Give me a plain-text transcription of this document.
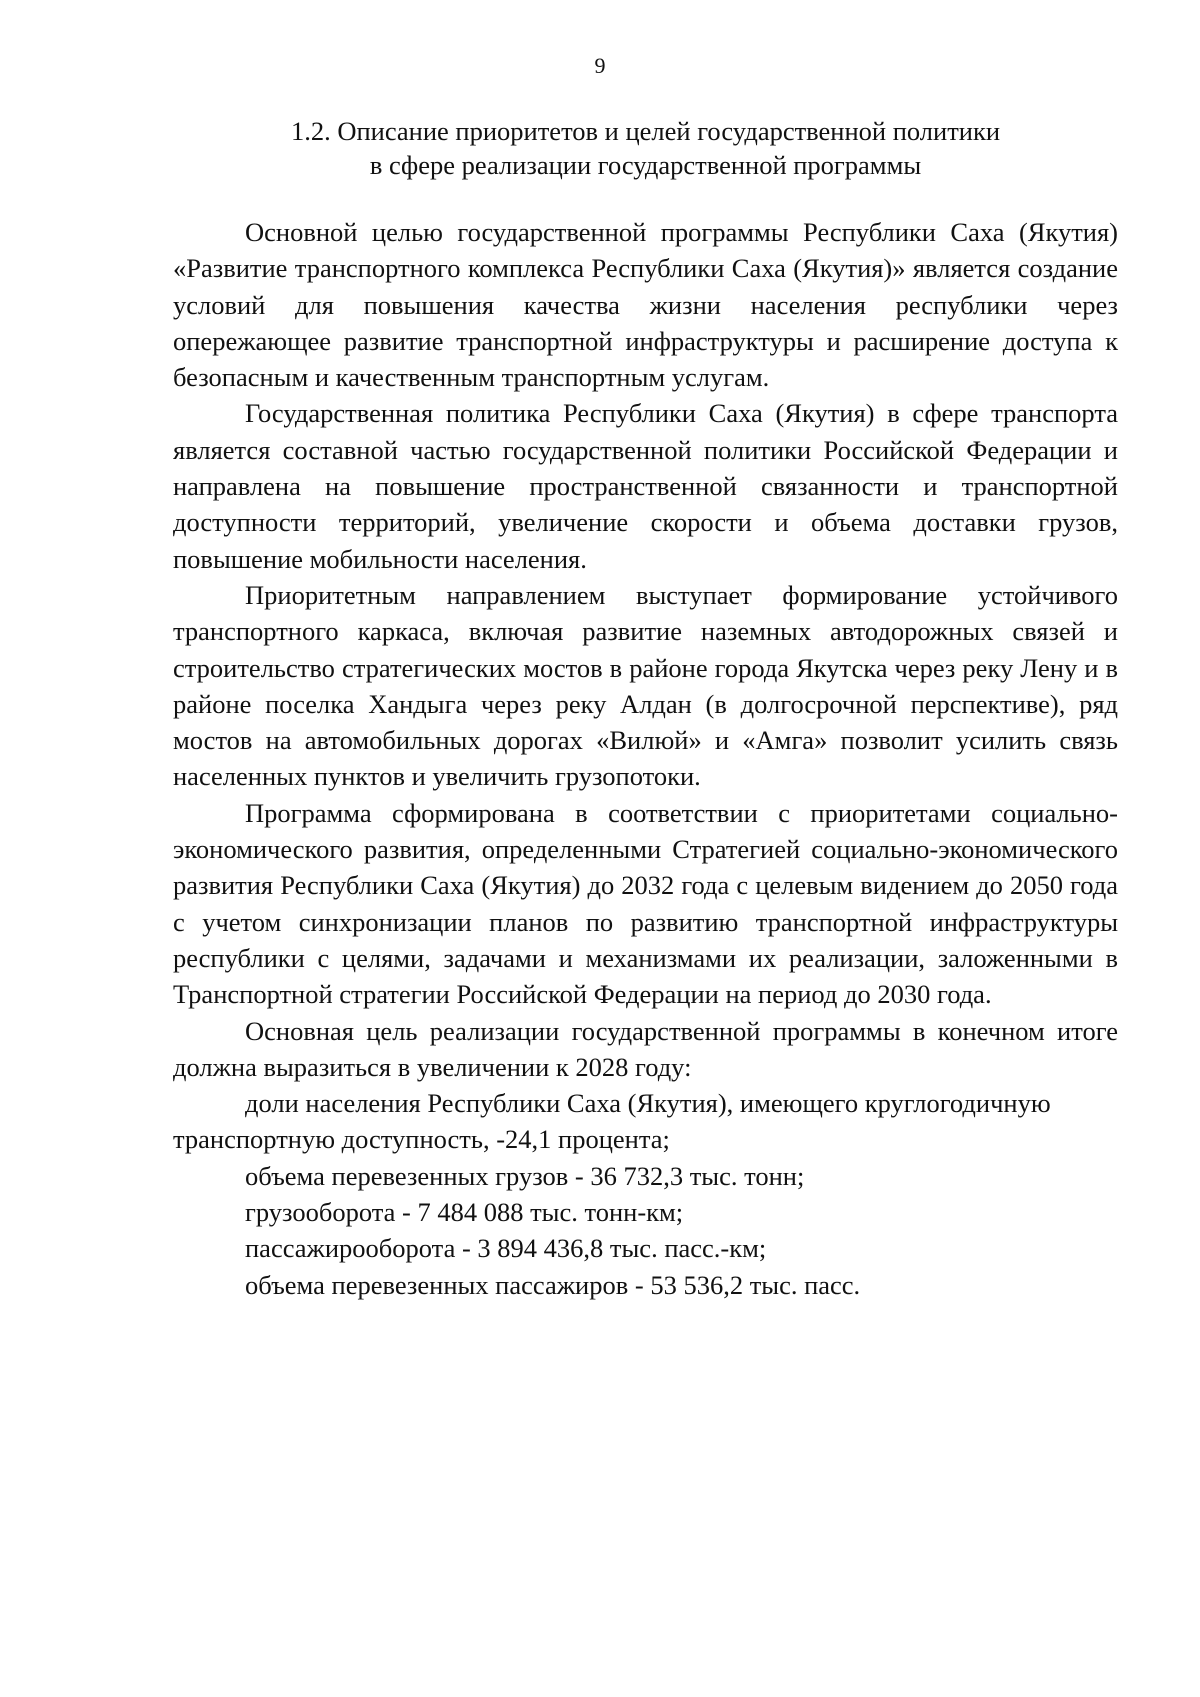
9
1.2. Описание приоритетов и целей государственной политики
в сфере реализации государственной программы

Основной целью государственной программы Республики Саха (Якутия) «Развитие транспортного комплекса Республики Саха (Якутия)» является создание условий для повышения качества жизни населения республики через опережающее развитие транспортной инфраструктуры и расширение доступа к безопасным и качественным транспортным услугам.

Государственная политика Республики Саха (Якутия) в сфере транспорта является составной частью государственной политики Российской Федерации и направлена на повышение пространственной связанности и транспортной доступности территорий, увеличение скорости и объема доставки грузов, повышение мобильности населения.

Приоритетным направлением выступает формирование устойчивого транспортного каркаса, включая развитие наземных автодорожных связей и строительство стратегических мостов в районе города Якутска через реку Лену и в районе поселка Хандыга через реку Алдан (в долгосрочной перспективе), ряд мостов на автомобильных дорогах «Вилюй» и «Амга» позволит усилить связь населенных пунктов и увеличить грузопотоки.

Программа сформирована в соответствии с приоритетами социально-экономического развития, определенными Стратегией социально-экономического развития Республики Саха (Якутия) до 2032 года с целевым видением до 2050 года с учетом синхронизации планов по развитию транспортной инфраструктуры республики с целями, задачами и механизмами их реализации, заложенными в Транспортной стратегии Российской Федерации на период до 2030 года.

Основная цель реализации государственной программы в конечном итоге должна выразиться в увеличении к 2028 году:

доли населения Республики Саха (Якутия), имеющего круглогодичную транспортную доступность, -24,1 процента;

объема перевезенных грузов - 36 732,3 тыс. тонн;

грузооборота - 7 484 088 тыс. тонн-км;

пассажирооборота - 3 894 436,8 тыс. пасс.-км;

объема перевезенных пассажиров - 53 536,2 тыс. пасс.
